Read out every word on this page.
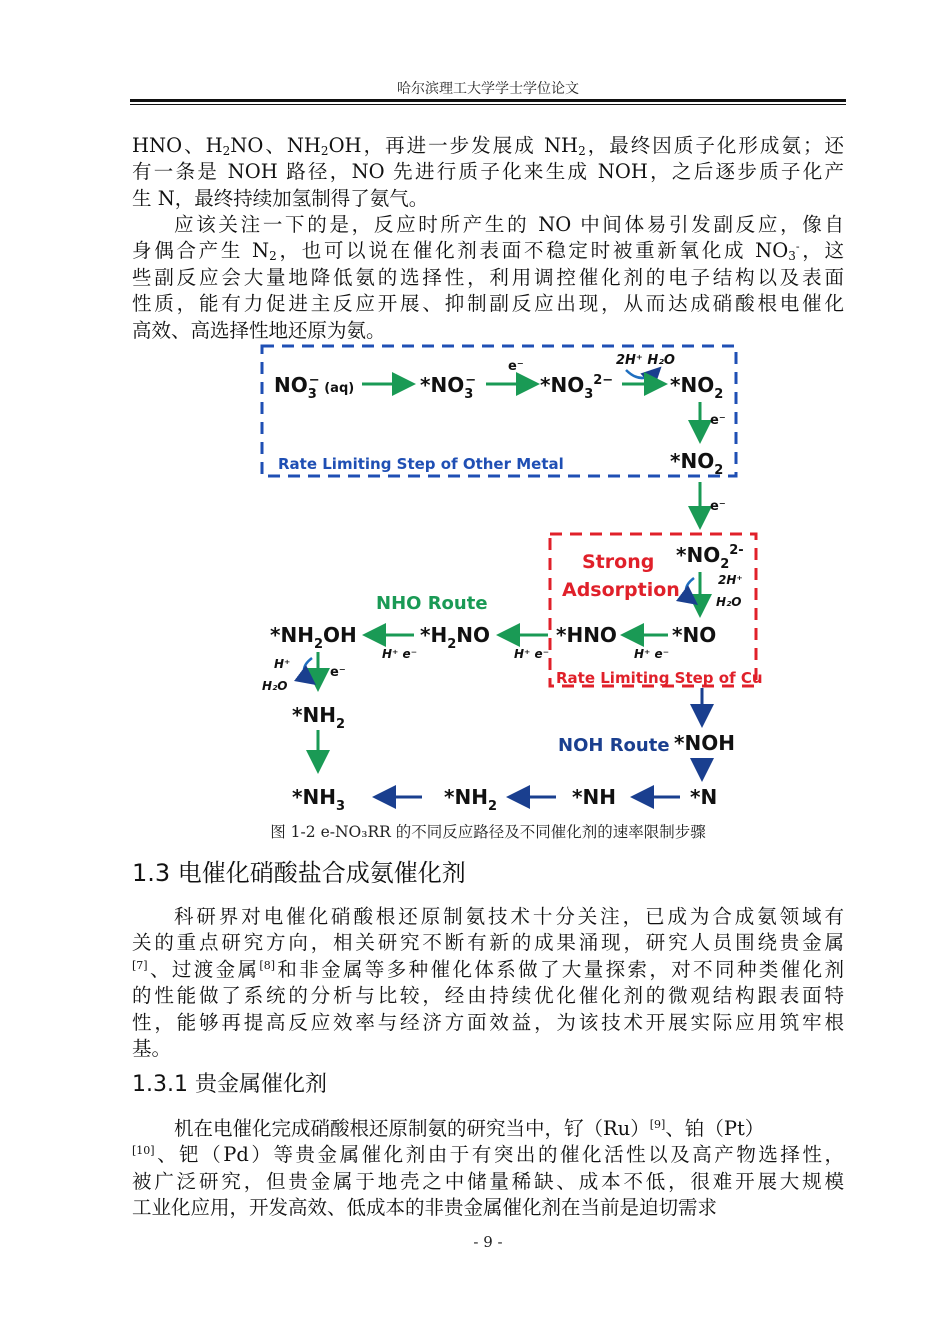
哈尔滨理工大学学士学位论文
HNO、$H_2NO$、$NH_2OH$，再进一步发展成 $NH_2$，最终因质子化形成氨；还
有一条是 NOH 路径，NO 先进行质子化来生成 NOH，之后逐步质子化产
生 N，最终持续加氢制得了氨气。
应该关注一下的是，反应时所产生的 NO 中间体易引发副反应，像自
身偶合产生 $N_2$，也可以说在催化剂表面不稳定时被重新氧化成 $NO_3^-$，这
些副反应会大量地降低氨的选择性，利用调控催化剂的电子结构以及表面
性质，能有力促进主反应开展、抑制副反应出现，从而达成硝酸根电催化
高效、高选择性地还原为氨。
Rate Limiting Step of Other Metal
$NO_3- _{(aq)}$	$*NO_3-$
e⁻
$*NO_3^{2-}$
2H⁺ H₂O
$*NO_2$
e⁻
$*NO_2$
e⁻
Strong
Adsorption
Rate Limiting Step of Cu
$*NO_2^{2-}$
2H⁺
H₂O
*NO
H⁺ e⁻
*HNO
NHO Route
H⁺ e⁻
$*H_2NO$
H⁺ e⁻
$*NH_2OH$
H⁺
H₂O
e⁻
$*NH_2$
$*NH_3$
NOH Route *NOH
*N
*NH
$*NH_2$
图 1-2 e-NO₃RR 的不同反应路径及不同催化剂的速率限制步骤
1.3 电催化硝酸盐合成氨催化剂
科研界对电催化硝酸根还原制氨技术十分关注，已成为合成氨领域有
关的重点研究方向，相关研究不断有新的成果涌现，研究人员围绕贵金属
[7]、过渡金属[8]和非金属等多种催化体系做了大量探索，对不同种类催化剂
的性能做了系统的分析与比较，经由持续优化催化剂的微观结构跟表面特
性，能够再提高反应效率与经济方面效益，为该技术开展实际应用筑牢根
基。
1.3.1 贵金属催化剂
机在电催化完成硝酸根还原制氨的研究当中，钌（Ru）[9]、铂（Pt）
[10]、钯（Pd）等贵金属催化剂由于有突出的催化活性以及高产物选择性，
被广泛研究，但贵金属于地壳之中储量稀缺、成本不低，很难开展大规模
工业化应用，开发高效、低成本的非贵金属催化剂在当前是迫切需求
- 9 -
